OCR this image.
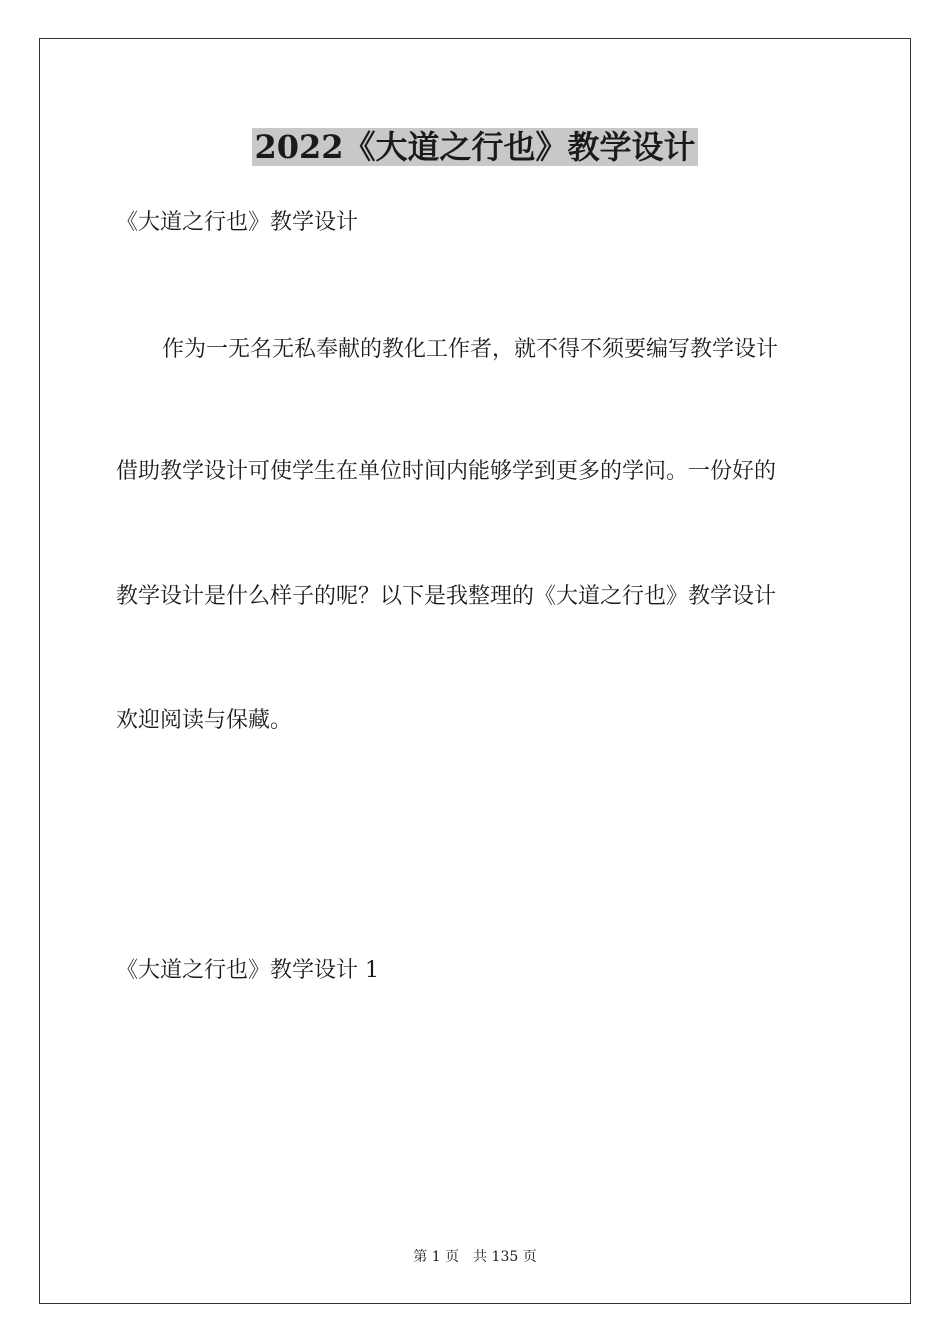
2022《大道之行也》教学设计
《大道之行也》教学设计
作为一无名无私奉献的教化工作者，就不得不须要编写教学设计
借助教学设计可使学生在单位时间内能够学到更多的学问。一份好的
教学设计是什么样子的呢？以下是我整理的《大道之行也》教学设计
欢迎阅读与保藏。
《大道之行也》教学设计 1
第 1 页 共 135 页
